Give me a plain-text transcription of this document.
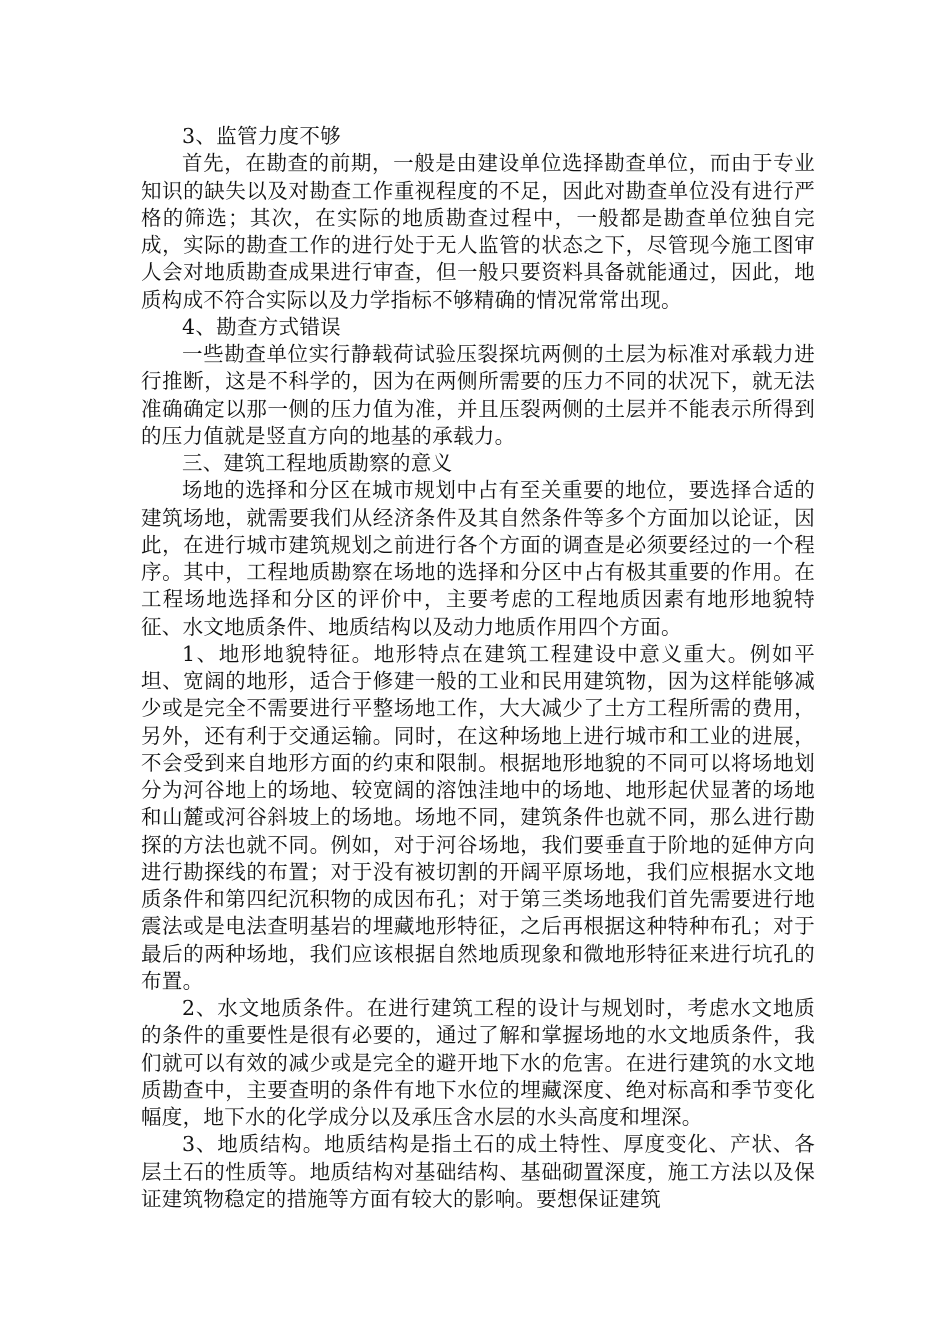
3、监管力度不够

首先，在勘查的前期，一般是由建设单位选择勘查单位，而由于专业知识的缺失以及对勘查工作重视程度的不足，因此对勘查单位没有进行严格的筛选；其次，在实际的地质勘查过程中，一般都是勘查单位独自完成，实际的勘查工作的进行处于无人监管的状态之下，尽管现今施工图审人会对地质勘查成果进行审查，但一般只要资料具备就能通过，因此，地质构成不符合实际以及力学指标不够精确的情况常常出现。

4、勘查方式错误

一些勘查单位实行静载荷试验压裂探坑两侧的土层为标准对承载力进行推断，这是不科学的，因为在两侧所需要的压力不同的状况下，就无法准确确定以那一侧的压力值为准，并且压裂两侧的土层并不能表示所得到的压力值就是竖直方向的地基的承载力。

三、建筑工程地质勘察的意义

场地的选择和分区在城市规划中占有至关重要的地位，要选择合适的建筑场地，就需要我们从经济条件及其自然条件等多个方面加以论证，因此，在进行城市建筑规划之前进行各个方面的调查是必须要经过的一个程序。其中，工程地质勘察在场地的选择和分区中占有极其重要的作用。在工程场地选择和分区的评价中，主要考虑的工程地质因素有地形地貌特征、水文地质条件、地质结构以及动力地质作用四个方面。

1、地形地貌特征。地形特点在建筑工程建设中意义重大。例如平坦、宽阔的地形，适合于修建一般的工业和民用建筑物，因为这样能够减少或是完全不需要进行平整场地工作，大大减少了土方工程所需的费用，另外，还有利于交通运输。同时，在这种场地上进行城市和工业的进展，不会受到来自地形方面的约束和限制。根据地形地貌的不同可以将场地划分为河谷地上的场地、较宽阔的溶蚀洼地中的场地、地形起伏显著的场地和山麓或河谷斜坡上的场地。场地不同，建筑条件也就不同，那么进行勘探的方法也就不同。例如，对于河谷场地，我们要垂直于阶地的延伸方向进行勘探线的布置；对于没有被切割的开阔平原场地，我们应根据水文地质条件和第四纪沉积物的成因布孔；对于第三类场地我们首先需要进行地震法或是电法查明基岩的埋藏地形特征，之后再根据这种特种布孔；对于最后的两种场地，我们应该根据自然地质现象和微地形特征来进行坑孔的布置。

2、水文地质条件。在进行建筑工程的设计与规划时，考虑水文地质的条件的重要性是很有必要的，通过了解和掌握场地的水文地质条件，我们就可以有效的减少或是完全的避开地下水的危害。在进行建筑的水文地质勘查中，主要查明的条件有地下水位的埋藏深度、绝对标高和季节变化幅度，地下水的化学成分以及承压含水层的水头高度和埋深。

3、地质结构。地质结构是指土石的成土特性、厚度变化、产状、各层土石的性质等。地质结构对基础结构、基础砌置深度，施工方法以及保证建筑物稳定的措施等方面有较大的影响。要想保证建筑
